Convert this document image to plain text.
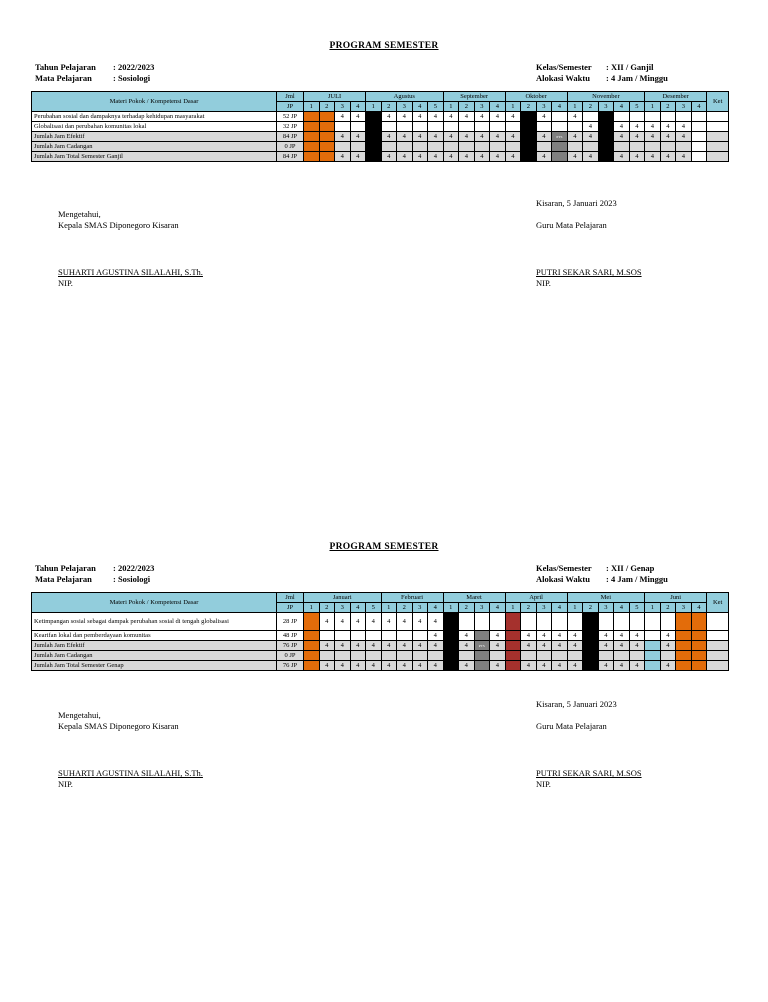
PROGRAM SEMESTER
Tahun Pelajaran : 2022/2023
Mata Pelajaran : Sosiologi
Kelas/Semester : XII / Ganjil
Alokasi Waktu : 4 Jam / Minggu
Materi Pokok / Kompetensi Dasar	Jml	JULI				Agustus					September				Oktober				November					Desember				Ket
	JP	1	2	3	4	1	2	3	4	5	1	2	3	4	1	2	3	4	1	2	3	4	5	1	2	3	4	
Perubahan sosial dan dampaknya terhadap kehidupan masyarakat	52 JP			4	4		4	4	4	4	4	4	4	4	4		4		4									
Globalisasi dan perubahan komunitas lokal	32 JP																			4		4	4	4	4	4		
Jumlah Jam Efektif	84 JP			4	4		4	4	4	4	4	4	4	4	4		4	PTS	4	4		4	4	4	4	4		
Jumlah Jam Cadangan	0 JP																											
Jumlah Jam Total Semester Ganjil	84 JP			4	4		4	4	4	4	4	4	4	4	4		4		4	4		4	4	4	4	4		
Mengetahui,
Kepala SMAS Diponegoro Kisaran
SUHARTI AGUSTINA SILALAHI, S.Th.
NIP.
Kisaran, 5 Januari 2023
Guru Mata Pelajaran
PUTRI SEKAR SARI, M.SOS
NIP.
PROGRAM SEMESTER
Tahun Pelajaran : 2022/2023
Mata Pelajaran : Sosiologi
Kelas/Semester : XII / Genap
Alokasi Waktu : 4 Jam / Minggu
Materi Pokok / Kompetensi Dasar	Jml	Januari					Februari				Maret				April				Mei					Juni				Ket
	JP	1	2	3	4	5	1	2	3	4	1	2	3	4	1	2	3	4	1	2	3	4	5	1	2	3	4	
Ketimpangan sosial sebagai dampak perubahan sosial di tengah globalisasi	28 JP		4	4	4	4	4	4	4	4																		
Kearifan lokal dan pemberdayaan komunitas	48 JP									4		4		4		4	4	4	4		4	4	4		4			
Jumlah Jam Efektif	76 JP		4	4	4	4	4	4	4	4		4	PTS	4		4	4	4	4		4	4	4		4			
Jumlah Jam Cadangan	0 JP																											
Jumlah Jam Total Semester Genap	76 JP		4	4	4	4	4	4	4	4		4		4		4	4	4	4		4	4	4		4			
Mengetahui,
Kepala SMAS Diponegoro Kisaran
SUHARTI AGUSTINA SILALAHI, S.Th.
NIP.
Kisaran, 5 Januari 2023
Guru Mata Pelajaran
PUTRI SEKAR SARI, M.SOS
NIP.
